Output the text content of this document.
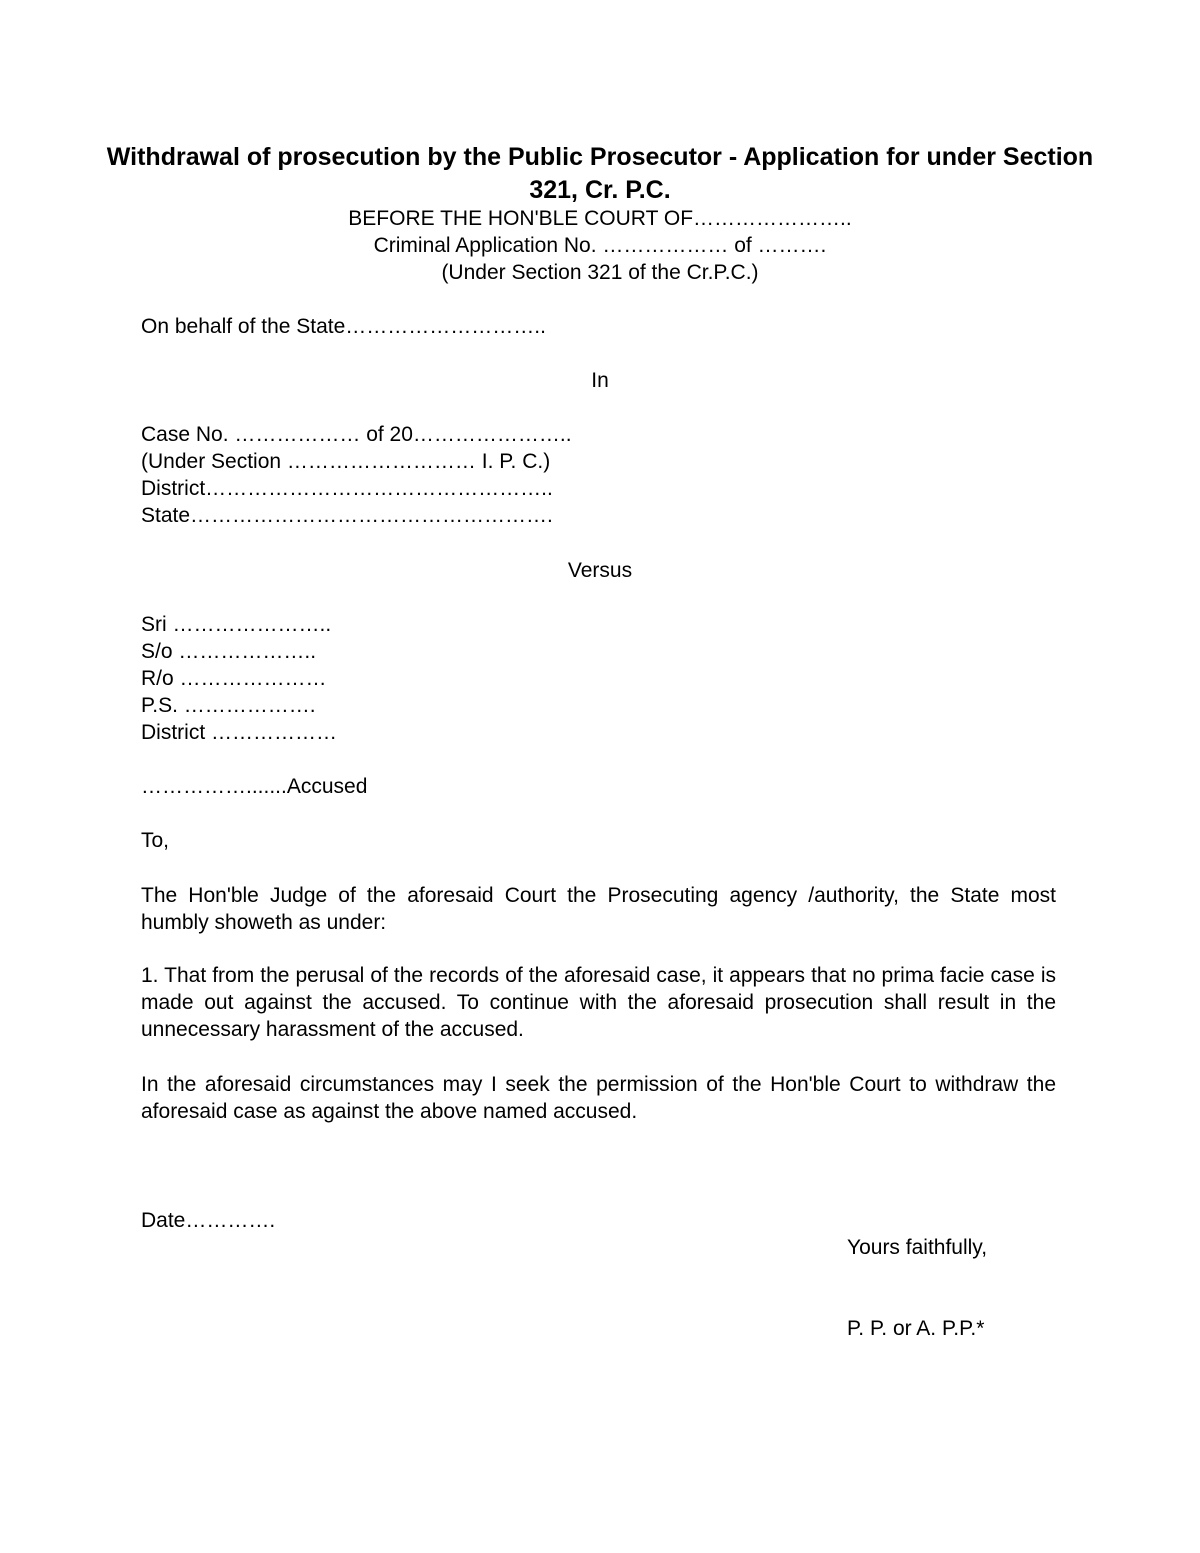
Withdrawal of prosecution by the Public Prosecutor - Application for under Section 321, Cr. P.C.
BEFORE THE HON'BLE COURT OF…………………..
Criminal Application No. ……………… of ……….
(Under Section 321 of the Cr.P.C.)
On behalf of the State………………………..
In
Case No. ……………… of 20…………………..
(Under Section ……………………… I. P. C.)
District…………………………………………..
State…………………………………………….
Versus
Sri …………………..
S/o ………………..
R/o …………………
P.S. ……………….
District ………………
…………….......Accused
To,
The Hon'ble Judge of the aforesaid Court the Prosecuting agency /authority, the State most humbly showeth as under:
1. That from the perusal of the records of the aforesaid case, it appears that no prima facie case is made out against the accused. To continue with the aforesaid prosecution shall result in the unnecessary harassment of the accused.
In the aforesaid circumstances may I seek the permission of the Hon'ble Court to withdraw the aforesaid case as against the above named accused.
Date………….
Yours faithfully,
P. P. or A. P.P.*
